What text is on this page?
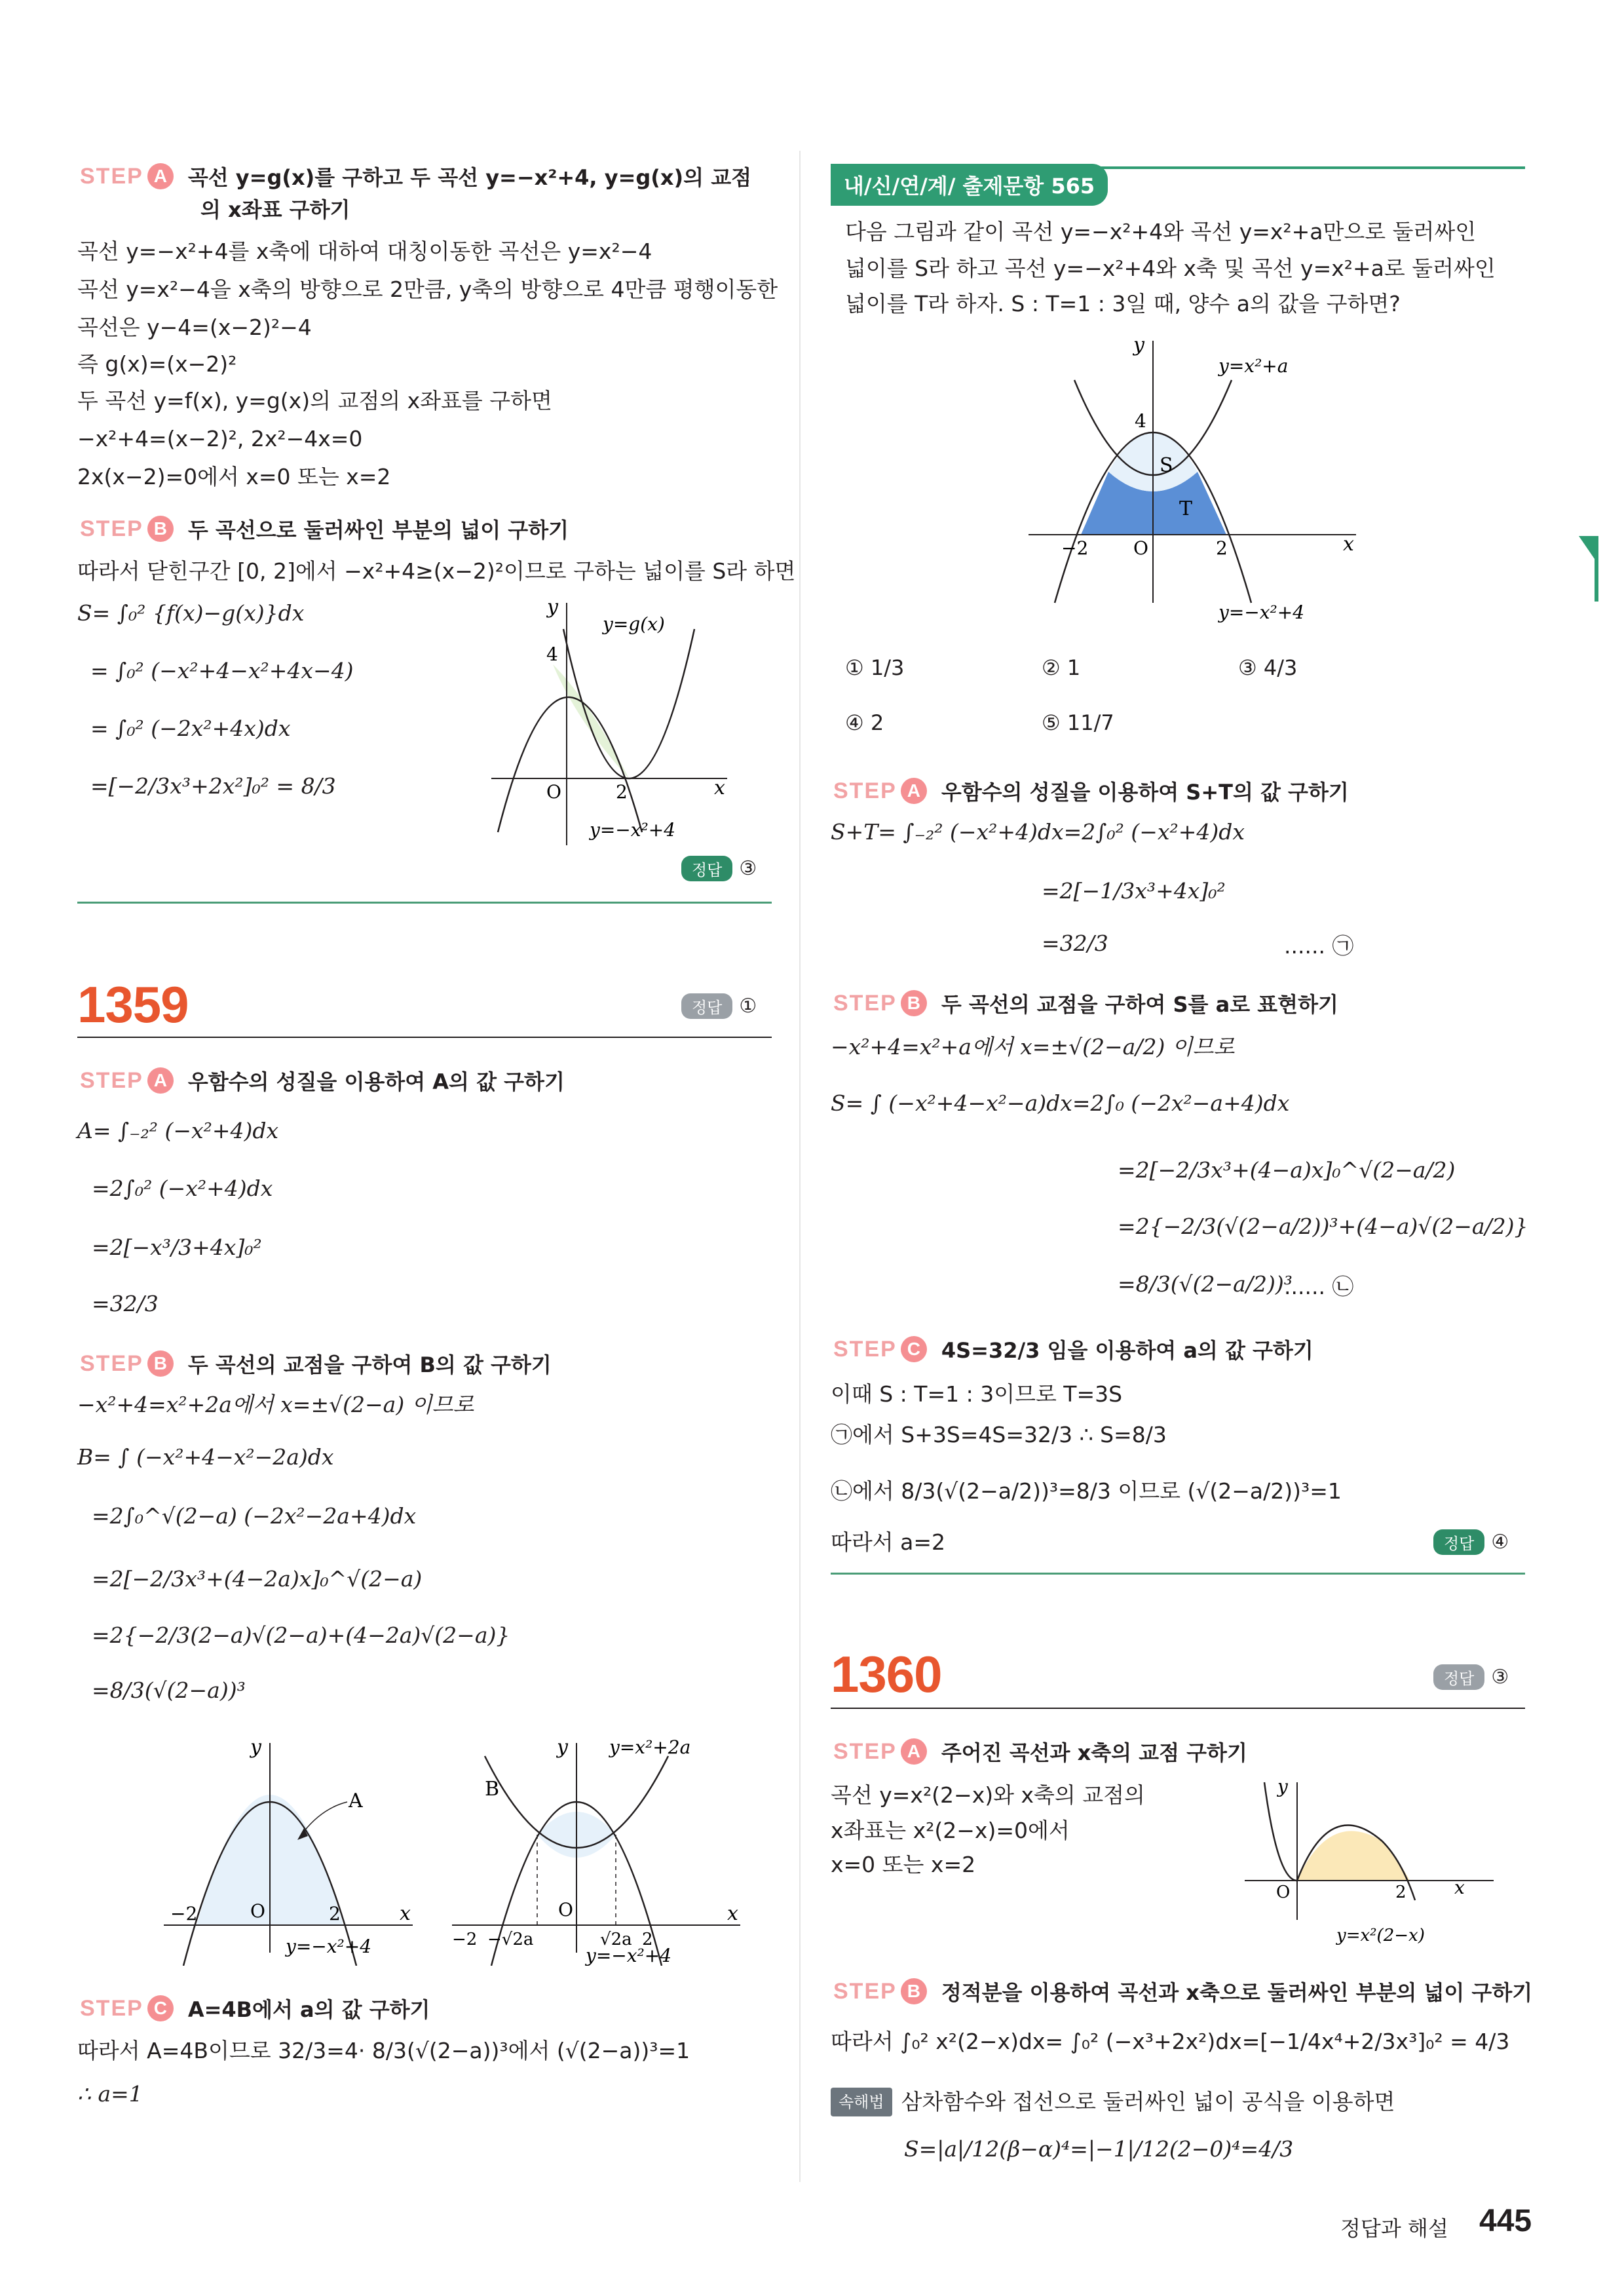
STEP A 곡선 y=g(x)를 구하고 두 곡선 y=−x²+4, y=g(x)의 교점
의 x좌표 구하기
곡선 y=−x²+4를 x축에 대하여 대칭이동한 곡선은 y=x²−4
곡선 y=x²−4을 x축의 방향으로 2만큼, y축의 방향으로 4만큼 평행이동한
곡선은 y−4=(x−2)²−4
즉 g(x)=(x−2)²
두 곡선 y=f(x), y=g(x)의 교점의 x좌표를 구하면
−x²+4=(x−2)², 2x²−4x=0
2x(x−2)=0에서 x=0 또는 x=2
STEP B 두 곡선으로 둘러싸인 부분의 넓이 구하기
따라서 닫힌구간 [0, 2]에서 −x²+4≥(x−2)²이므로 구하는 넓이를 S라 하면
S= ∫₀² {f(x)−g(x)}dx
= ∫₀² (−x²+4−x²+4x−4)
= ∫₀² (−2x²+4x)dx
=[−2/3x³+2x²]₀² = 8/3
y
x
4
O	2
y=g(x)
y=−x²+4
정답 ③
1359	정답 ①
STEP A 우함수의 성질을 이용하여 A의 값 구하기
A= ∫₋₂² (−x²+4)dx
=2∫₀² (−x²+4)dx
=2[−x³/3+4x]₀²
=32/3
STEP B 두 곡선의 교점을 구하여 B의 값 구하기
−x²+4=x²+2a에서 x=±√(2−a) 이므로
B= ∫ (−x²+4−x²−2a)dx
=2∫₀^√(2−a) (−2x²−2a+4)dx
=2[−2/3x³+(4−2a)x]₀^√(2−a)
=2{−2/3(2−a)√(2−a)+(4−2a)√(2−a)}
=8/3(√(2−a))³
y
x
A
O
−2	2
y=−x²+4
y
x
B
O
−2 −√2a	√2a 2
y=x²+2a
y=−x²+4
STEP C A=4B에서 a의 값 구하기
따라서 A=4B이므로 32/3=4· 8/3(√(2−a))³에서 (√(2−a))³=1
∴ a=1
내/신/연/계/ 출제문항 565
다음 그림과 같이 곡선 y=−x²+4와 곡선 y=x²+a만으로 둘러싸인
넓이를 S라 하고 곡선 y=−x²+4와 x축 및 곡선 y=x²+a로 둘러싸인
넓이를 T라 하자. S : T=1 : 3일 때, 양수 a의 값을 구하면?
y
x
y=x²+a
y=−x²+4
4
S
T
−2 O	2
① 1/3	② 1	③ 4/3
④ 2	⑤ 11/7
STEP A 우함수의 성질을 이용하여 S+T의 값 구하기
S+T= ∫₋₂² (−x²+4)dx=2∫₀² (−x²+4)dx
=2[−1/3x³+4x]₀²
=32/3	...... ㉠
STEP B 두 곡선의 교점을 구하여 S를 a로 표현하기
−x²+4=x²+a에서 x=±√(2−a/2) 이므로
S= ∫ (−x²+4−x²−a)dx=2∫₀ (−2x²−a+4)dx
=2[−2/3x³+(4−a)x]₀^√(2−a/2)
=2{−2/3(√(2−a/2))³+(4−a)√(2−a/2)}
=8/3(√(2−a/2))³
...... ㉡
STEP C 4S=32/3 임을 이용하여 a의 값 구하기
이때 S : T=1 : 3이므로 T=3S
㉠에서 S+3S=4S=32/3 ∴ S=8/3
㉡에서 8/3(√(2−a/2))³=8/3 이므로 (√(2−a/2))³=1
따라서 a=2	정답 ④
1360	정답 ③
STEP A 주어진 곡선과 x축의 교점 구하기
곡선 y=x²(2−x)와 x축의 교점의
x좌표는 x²(2−x)=0에서
x=0 또는 x=2
y
x
O	2
y=x²(2−x)
STEP B 정적분을 이용하여 곡선과 x축으로 둘러싸인 부분의 넓이 구하기
따라서 ∫₀² x²(2−x)dx= ∫₀² (−x³+2x²)dx=[−1/4x⁴+2/3x³]₀² = 4/3
속해법 삼차함수와 접선으로 둘러싸인 넓이 공식을 이용하면
S=|a|/12(β−α)⁴=|−1|/12(2−0)⁴=4/3
정답과 해설 445
